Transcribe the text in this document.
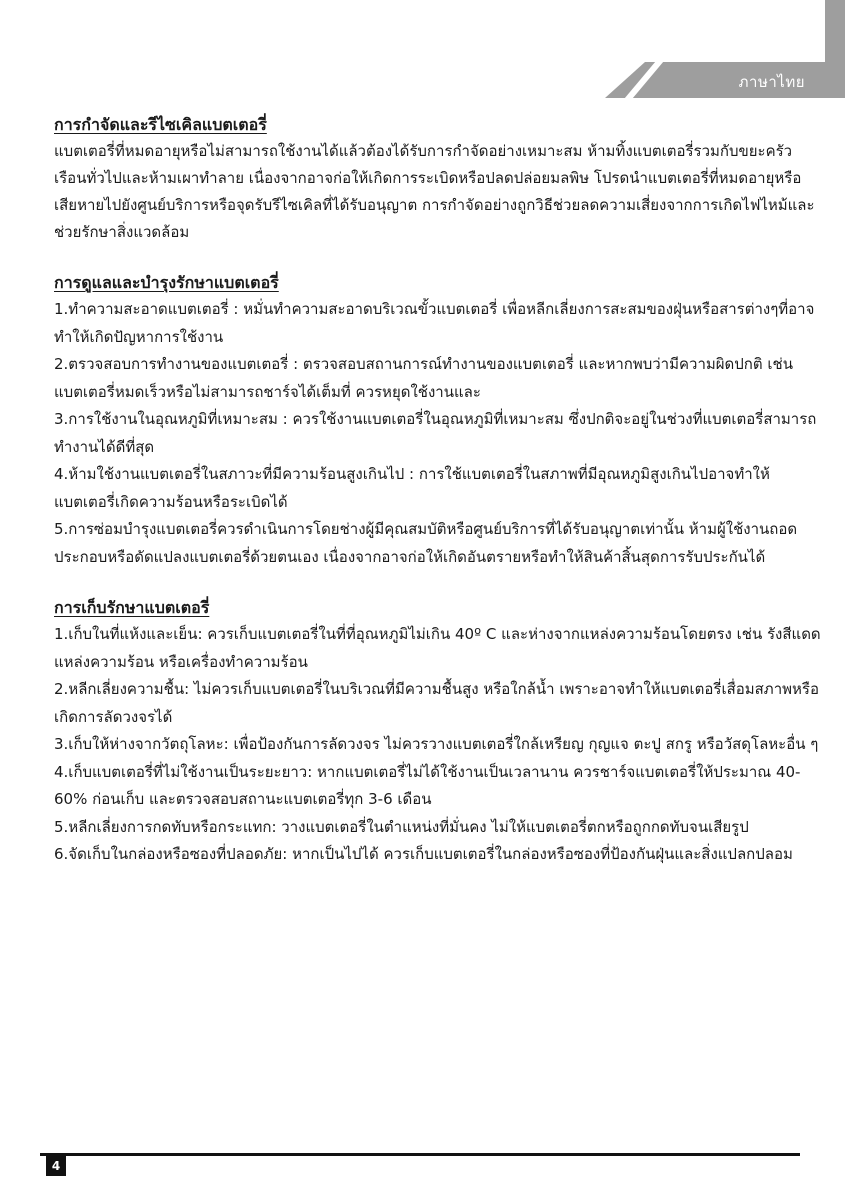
ภาษาไทย

การกำจัดและรีไซเคิลแบตเตอรี่

แบตเตอรี่ที่หมดอายุหรือไม่สามารถใช้งานได้แล้วต้องได้รับการกำจัดอย่างเหมาะสม ห้ามทิ้งแบตเตอรี่รวมกับขยะครัวเรือนทั่วไปและห้ามเผาทำลาย เนื่องจากอาจก่อให้เกิดการระเบิดหรือปลดปล่อยมลพิษ โปรดนำแบตเตอรี่ที่หมดอายุหรือเสียหายไปยังศูนย์บริการหรือจุดรับรีไซเคิลที่ได้รับอนุญาต การกำจัดอย่างถูกวิธีช่วยลดความเสี่ยงจากการเกิดไฟไหม้และช่วยรักษาสิ่งแวดล้อม

การดูแลและบำรุงรักษาแบตเตอรี่

1.ทำความสะอาดแบตเตอรี่ : หมั่นทำความสะอาดบริเวณขั้วแบตเตอรี่ เพื่อหลีกเลี่ยงการสะสมของฝุ่นหรือสารต่างๆที่อาจทำให้เกิดปัญหาการใช้งาน

2.ตรวจสอบการทำงานของแบตเตอรี่ : ตรวจสอบสถานการณ์ทำงานของแบตเตอรี่ และหากพบว่ามีความผิดปกติ เช่น แบตเตอรี่หมดเร็วหรือไม่สามารถชาร์จได้เต็มที่ ควรหยุดใช้งานและ

3.การใช้งานในอุณหภูมิที่เหมาะสม : ควรใช้งานแบตเตอรี่ในอุณหภูมิที่เหมาะสม ซึ่งปกติจะอยู่ในช่วงที่แบตเตอรี่สามารถทำงานได้ดีที่สุด

4.ห้ามใช้งานแบตเตอรี่ในสภาวะที่มีความร้อนสูงเกินไป : การใช้แบตเตอรี่ในสภาพที่มีอุณหภูมิสูงเกินไปอาจทำให้แบตเตอรี่เกิดความร้อนหรือระเบิดได้

5.การซ่อมบำรุงแบตเตอรี่ควรดำเนินการโดยช่างผู้มีคุณสมบัติหรือศูนย์บริการที่ได้รับอนุญาตเท่านั้น ห้ามผู้ใช้งานถอดประกอบหรือดัดแปลงแบตเตอรี่ด้วยตนเอง เนื่องจากอาจก่อให้เกิดอันตรายหรือทำให้สินค้าสิ้นสุดการรับประกันได้

การเก็บรักษาแบตเตอรี่

1.เก็บในที่แห้งและเย็น: ควรเก็บแบตเตอรี่ในที่ที่อุณหภูมิไม่เกิน 40º C และห่างจากแหล่งความร้อนโดยตรง เช่น รังสีแดด แหล่งความร้อน หรือเครื่องทำความร้อน

2.หลีกเลี่ยงความชื้น: ไม่ควรเก็บแบตเตอรี่ในบริเวณที่มีความชื้นสูง หรือใกล้น้ำ เพราะอาจทำให้แบตเตอรี่เสื่อมสภาพหรือเกิดการลัดวงจรได้

3.เก็บให้ห่างจากวัตถุโลหะ: เพื่อป้องกันการลัดวงจร ไม่ควรวางแบตเตอรี่ใกล้เหรียญ กุญแจ ตะปู สกรู หรือวัสดุโลหะอื่น ๆ

4.เก็บแบตเตอรี่ที่ไม่ใช้งานเป็นระยะยาว: หากแบตเตอรี่ไม่ได้ใช้งานเป็นเวลานาน ควรชาร์จแบตเตอรี่ให้ประมาณ 40-60% ก่อนเก็บ และตรวจสอบสถานะแบตเตอรี่ทุก 3-6 เดือน

5.หลีกเลี่ยงการกดทับหรือกระแทก: วางแบตเตอรี่ในตำแหน่งที่มั่นคง ไม่ให้แบตเตอรี่ตกหรือถูกกดทับจนเสียรูป

6.จัดเก็บในกล่องหรือซองที่ปลอดภัย: หากเป็นไปได้ ควรเก็บแบตเตอรี่ในกล่องหรือซองที่ป้องกันฝุ่นและสิ่งแปลกปลอม

4
